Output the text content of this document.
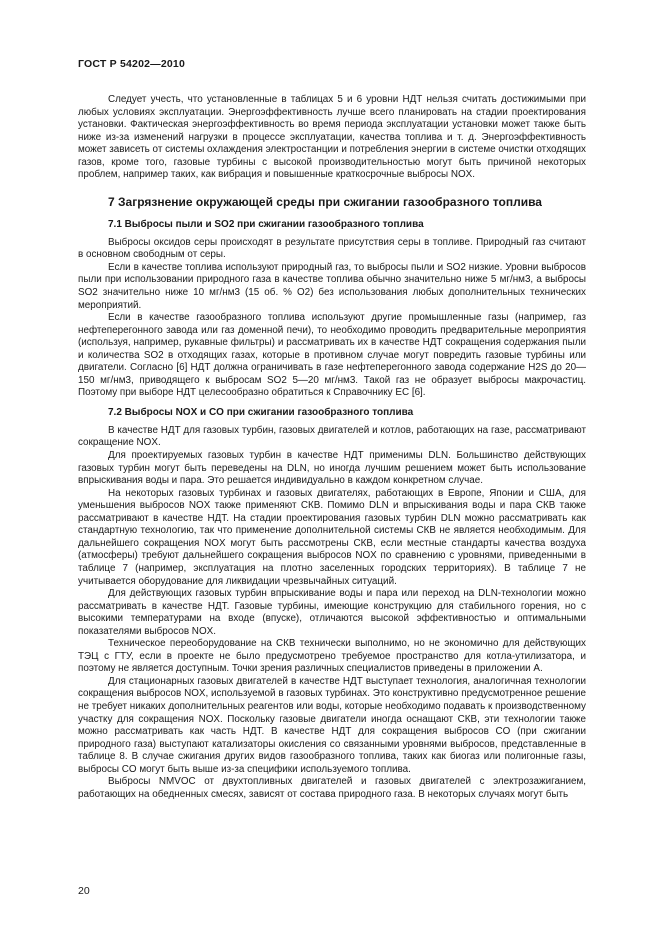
ГОСТ Р 54202—2010

Следует учесть, что установленные в таблицах 5 и 6 уровни НДТ нельзя считать достижимыми при любых условиях эксплуатации. Энергоэффективность лучше всего планировать на стадии проектирования установки. Фактическая энергоэффективность во время периода эксплуатации установки может также быть ниже из-за изменений нагрузки в процессе эксплуатации, качества топлива и т. д. Энергоэффективность может зависеть от системы охлаждения электростанции и потребления энергии в системе очистки отходящих газов, кроме того, газовые турбины с высокой производительностью могут быть причиной некоторых проблем, например таких, как вибрация и повышенные краткосрочные выбросы NOX.

7 Загрязнение окружающей среды при сжигании газообразного топлива
7.1 Выбросы пыли и SO2 при сжигании газообразного топлива

Выбросы оксидов серы происходят в результате присутствия серы в топливе. Природный газ считают в основном свободным от серы.

Если в качестве топлива используют природный газ, то выбросы пыли и SO2 низкие. Уровни выбросов пыли при использовании природного газа в качестве топлива обычно значительно ниже 5 мг/нм3, а выбросы SO2 значительно ниже 10 мг/нм3 (15 об. % O2) без использования любых дополнительных технических мероприятий.

Если в качестве газообразного топлива используют другие промышленные газы (например, газ нефтеперегонного завода или газ доменной печи), то необходимо проводить предварительные мероприятия (используя, например, рукавные фильтры) и рассматривать их в качестве НДТ сокращения содержания пыли и количества SO2 в отходящих газах, которые в противном случае могут повредить газовые турбины или двигатели. Согласно [6] НДТ должна ограничивать в газе нефтеперегонного завода содержание H2S до 20—150 мг/нм3, приводящего к выбросам SO2 5—20 мг/нм3. Такой газ не образует выбросы макрочастиц. Поэтому при выборе НДТ целесообразно обратиться к Справочнику ЕС [6].

7.2 Выбросы NOX и CO при сжигании газообразного топлива

В качестве НДТ для газовых турбин, газовых двигателей и котлов, работающих на газе, рассматривают сокращение NOX.

Для проектируемых газовых турбин в качестве НДТ применимы DLN. Большинство действующих газовых турбин могут быть переведены на DLN, но иногда лучшим решением может быть использование впрыскивания воды и пара. Это решается индивидуально в каждом конкретном случае.

На некоторых газовых турбинах и газовых двигателях, работающих в Европе, Японии и США, для уменьшения выбросов NOX также применяют СКВ. Помимо DLN и впрыскивания воды и пара СКВ также рассматривают в качестве НДТ. На стадии проектирования газовых турбин DLN можно рассматривать как стандартную технологию, так что применение дополнительной системы СКВ не является необходимым. Для дальнейшего сокращения NOX могут быть рассмотрены СКВ, если местные стандарты качества воздуха (атмосферы) требуют дальнейшего сокращения выбросов NOX по сравнению с уровнями, приведенными в таблице 7 (например, эксплуатация на плотно заселенных городских территориях). В таблице 7 не учитывается оборудование для ликвидации чрезвычайных ситуаций.

Для действующих газовых турбин впрыскивание воды и пара или переход на DLN-технологии можно рассматривать в качестве НДТ. Газовые турбины, имеющие конструкцию для стабильного горения, но с высокими температурами на входе (впуске), отличаются высокой эффективностью и оптимальными показателями выбросов NOX.

Техническое переоборудование на СКВ технически выполнимо, но не экономично для действующих ТЭЦ с ГТУ, если в проекте не было предусмотрено требуемое пространство для котла-утилизатора, и поэтому не является доступным. Точки зрения различных специалистов приведены в приложении А.

Для стационарных газовых двигателей в качестве НДТ выступает технология, аналогичная технологии сокращения выбросов NOX, используемой в газовых турбинах. Это конструктивно предусмотренное решение не требует никаких дополнительных реагентов или воды, которые необходимо подавать к производственному участку для сокращения NOX. Поскольку газовые двигатели иногда оснащают СКВ, эти технологии также можно рассматривать как часть НДТ. В качестве НДТ для сокращения выбросов CO (при сжигании природного газа) выступают катализаторы окисления со связанными уровнями выбросов, представленные в таблице 8. В случае сжигания других видов газообразного топлива, таких как биогаз или полигонные газы, выбросы CO могут быть выше из-за специфики используемого топлива.

Выбросы NMVOC от двухтопливных двигателей и газовых двигателей с электрозажиганием, работающих на обедненных смесях, зависят от состава природного газа. В некоторых случаях могут быть

20
